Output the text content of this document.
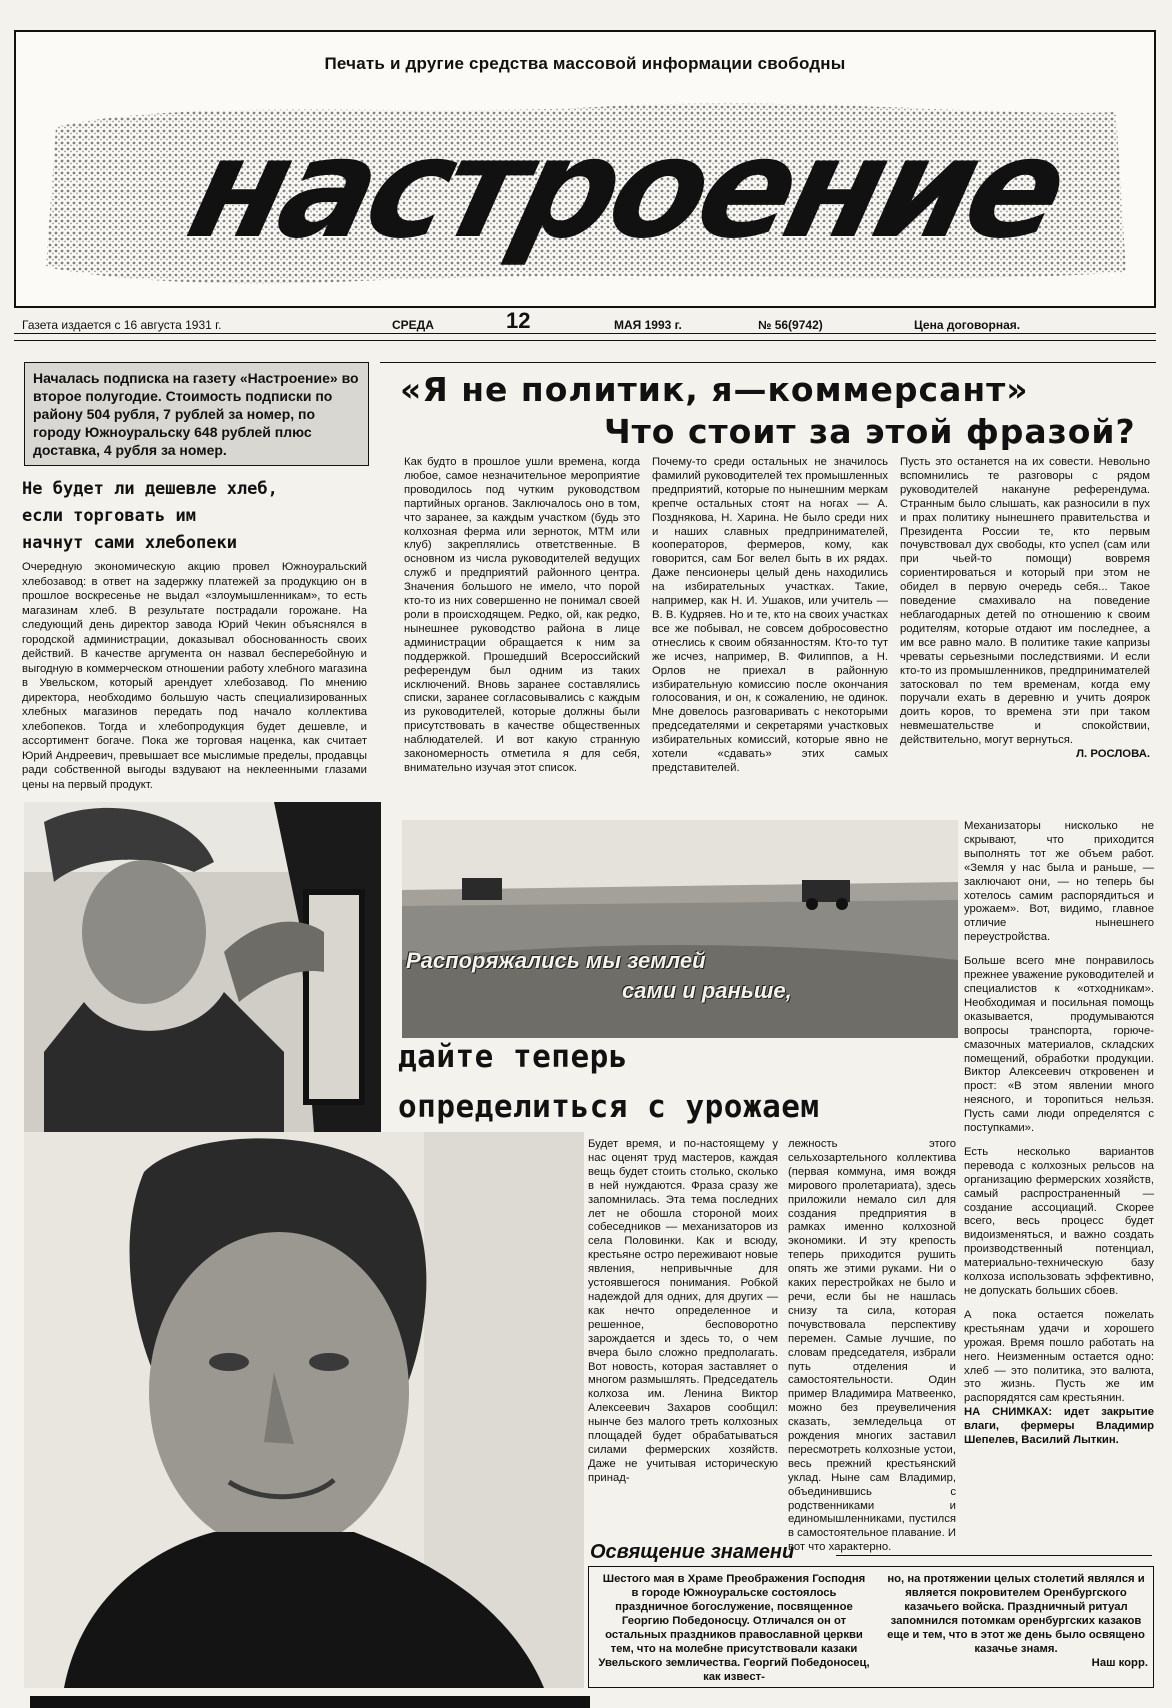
Печать и другие средства массовой информации свободны
настроение
Газета издается с 16 августа 1931 г.	СРЕДА	12	МАЯ 1993 г.	№ 56(9742)	Цена договорная.
Началась подписка на газету «Настроение» во второе полугодие. Стоимость подписки по району 504 рубля, 7 рублей за номер, по городу Южноуральску 648 рублей плюс доставка, 4 рубля за номер.
Не будет ли дешевле хлеб,
если торговать им
начнут сами хлебопеки
Очередную экономическую акцию провел Южноуральский хлебозавод: в ответ на задержку платежей за продукцию он в прошлое воскресенье не выдал «злоумышленникам», то есть магазинам хлеб. В результате пострадали горожане. На следующий день директор завода Юрий Чекин объяснялся в городской администрации, доказывал обоснованность своих действий. В качестве аргумента он назвал бесперебойную и выгодную в коммерческом отношении работу хлебного магазина в Увельском, который арендует хлебозавод. По мнению директора, необходимо большую часть специализированных хлебных магазинов передать под начало коллектива хлебопеков. Тогда и хлебопродукция будет дешевле, и ассортимент богаче. Пока же торговая наценка, как считает Юрий Андреевич, превышает все мыслимые пределы, продавцы ради собственной выгоды вздувают на неклеенными глазами цены на первый продукт.
«Я не политик, я—коммерсант»
Что стоит за этой фразой?
Как будто в прошлое ушли времена, когда любое, самое незначительное мероприятие проводилось под чутким руководством партийных органов. Заключалось оно в том, что заранее, за каждым участком (будь это колхозная ферма или зерноток, МТМ или клуб) закреплялись ответственные. В основном из числа руководителей ведущих служб и предприятий районного центра. Значения большого не имело, что порой кто-то из них совершенно не понимал своей роли в происходящем. Редко, ой, как редко, нынешнее руководство района в лице администрации обращается к ним за поддержкой. Прошедший Всероссийский референдум был одним из таких исключений. Вновь заранее составлялись списки, заранее согласовывались с каждым из руководителей, которые должны были присутствовать в качестве общественных наблюдателей. И вот какую странную закономерность отметила я для себя, внимательно изучая этот список.
Почему-то среди остальных не значилось фамилий руководителей тех промышленных предприятий, которые по нынешним меркам крепче остальных стоят на ногах — А. Позднякова, Н. Харина. Не было среди них и наших славных предпринимателей, кооператоров, фермеров, кому, как говорится, сам Бог велел быть в их рядах. Даже пенсионеры целый день находились на избирательных участках. Такие, например, как Н. И. Ушаков, или учитель — В. В. Кудряев. Но и те, кто на своих участках все же побывал, не совсем добросовестно отнеслись к своим обязанностям. Кто-то тут же исчез, например, В. Филиппов, а Н. Орлов не приехал в районную избирательную комиссию после окончания голосования, и он, к сожалению, не одинок. Мне довелось разговаривать с некоторыми председателями и секретарями участковых избирательных комиссий, которые явно не хотели «сдавать» этих самых представителей.

Пусть это останется на их совести. Невольно вспомнились те разговоры с рядом руководителей накануне референдума. Странным было слышать, как разносили в пух и прах политику нынешнего правительства и Президента России те, кто первым почувствовал дух свободы, кто успел (сам или при чьей-то помощи) вовремя сориентироваться и который при этом не обидел в первую очередь себя... Такое поведение смахивало на поведение неблагодарных детей по отношению к своим родителям, которые отдают им последнее, а им все равно мало. В политике такие капризы чреваты серьезными последствиями. И если кто-то из промышленников, предпринимателей затосковал по тем временам, когда ему поручали ехать в деревню и учить доярок доить коров, то времена эти при таком невмешательстве и спокойствии, действительно, могут вернуться.

Л. РОСЛОВА.

Распоряжались мы землей
сами и раньше,
дайте теперь
определиться с урожаем
Будет время, и по-настоящему у нас оценят труд мастеров, каждая вещь будет стоить столько, сколько в ней нуждаются. Фраза сразу же запомнилась. Эта тема последних лет не обошла стороной моих собеседников — механизаторов из села Половинки. Как и всюду, крестьяне остро переживают новые явления, непривычные для устоявшегося понимания. Робкой надеждой для одних, для других — как нечто определенное и решенное, бесповоротно зарождается и здесь то, о чем вчера было сложно предполагать. Вот новость, которая заставляет о многом размышлять. Председатель колхоза им. Ленина Виктор Алексеевич Захаров сообщил: нынче без малого треть колхозных площадей будет обрабатываться силами фермерских хозяйств. Даже не учитывая историческую принад-
лежность этого сельхозартельного коллектива (первая коммуна, имя вождя мирового пролетариата), здесь приложили немало сил для создания предприятия в рамках именно колхозной экономики. И эту крепость теперь приходится рушить опять же этими руками. Ни о каких перестройках не было и речи, если бы не нашлась снизу та сила, которая почувствовала перспективу перемен. Самые лучшие, по словам председателя, избрали путь отделения и самостоятельности. Один пример Владимира Матвеенко, можно без преувеличения сказать, земледельца от рождения многих заставил пересмотреть колхозные устои, весь прежний крестьянский уклад. Ныне сам Владимир, объединившись с родственниками и единомышленниками, пустился в самостоятельное плавание. И вот что характерно.

Механизаторы нисколько не скрывают, что приходится выполнять тот же объем работ. «Земля у нас была и раньше, — заключают они, — но теперь бы хотелось самим распорядиться и урожаем». Вот, видимо, главное отличие нынешнего переустройства.

Больше всего мне понравилось прежнее уважение руководителей и специалистов к «отходникам». Необходимая и посильная помощь оказывается, продумываются вопросы транспорта, горюче-смазочных материалов, складских помещений, обработки продукции. Виктор Алексеевич откровенен и прост: «В этом явлении много неясного, и торопиться нельзя. Пусть сами люди определятся с поступками».

Есть несколько вариантов перевода с колхозных рельсов на организацию фермерских хозяйств, самый распространенный — создание ассоциаций. Скорее всего, весь процесс будет видоизменяться, и важно создать производственный потенциал, материально-техническую базу колхоза использовать эффективно, не допускать больших сбоев.

А пока остается пожелать крестьянам удачи и хорошего урожая. Время пошло работать на него. Неизменным остается одно: хлеб — это политика, это валюта, это жизнь. Пусть же им распорядятся сам крестьянин.

НА СНИМКАХ: идет закрытие влаги, фермеры Владимир Шепелев, Василий Лыткин.

Освящение знамени
Шестого мая в Храме Преображения Господня в городе Южноуральске состоялось праздничное богослужение, посвященное Георгию Победоносцу. Отличался он от остальных праздников православной церкви тем, что на молебне присутствовали казаки Увельского земличества. Георгий Победоносец, как извест-

но, на протяжении целых столетий являлся и является покровителем Оренбургского казачьего войска. Праздничный ритуал запомнился потомкам оренбургских казаков еще и тем, что в этот же день было освящено казачье знамя.

Наш корр.
